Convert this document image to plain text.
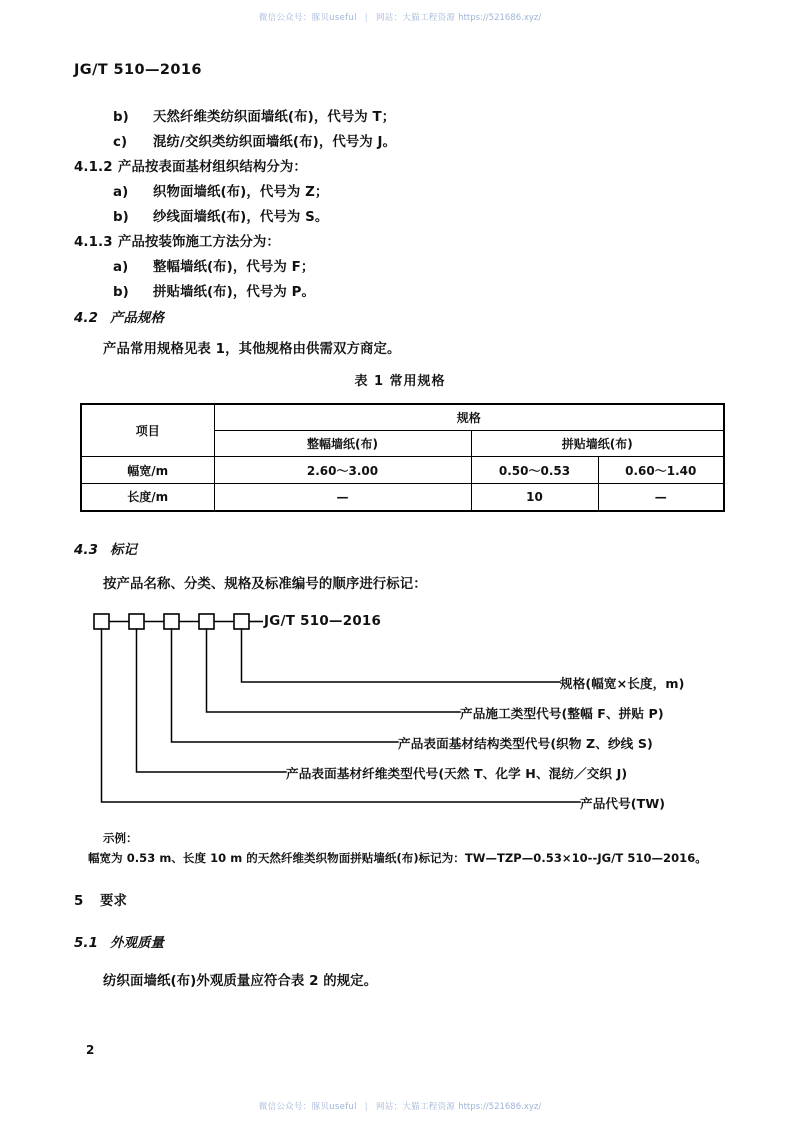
微信公众号：豚贝useful | 网站：大猫工程资源 https://521686.xyz/
JG/T 510—2016
b) 天然纤维类纺织面墙纸(布)，代号为 T；
c) 混纺/交织类纺织面墙纸(布)，代号为 J。
4.1.2 产品按表面基材组织结构分为：
a) 织物面墙纸(布)，代号为 Z；
b) 纱线面墙纸(布)，代号为 S。
4.1.3 产品按装饰施工方法分为：
a) 整幅墙纸(布)，代号为 F；
b) 拼贴墙纸(布)，代号为 P。
4.2 产品规格
产品常用规格见表 1，其他规格由供需双方商定。
表 1 常用规格
项目	规格		
	整幅墙纸(布)	拼贴墙纸(布)	
幅宽/m	2.60～3.00	0.50～0.53	0.60～1.40
长度/m	—	10	—
4.3 标记
按产品名称、分类、规格及标准编号的顺序进行标记：
JG/T 510—2016
规格(幅宽×长度，m)
产品施工类型代号(整幅 F、拼贴 P)
产品表面基材结构类型代号(织物 Z、纱线 S)
产品表面基材纤维类型代号(天然 T、化学 H、混纺／交织 J)
产品代号(TW)
示例：
幅宽为 0.53 m、长度 10 m 的天然纤维类织物面拼贴墙纸(布)标记为：TW—TZP—0.53×10--JG/T 510—2016。
5 要求
5.1 外观质量
纺织面墙纸(布)外观质量应符合表 2 的规定。
2
微信公众号：豚贝useful | 网站：大猫工程资源 https://521686.xyz/
